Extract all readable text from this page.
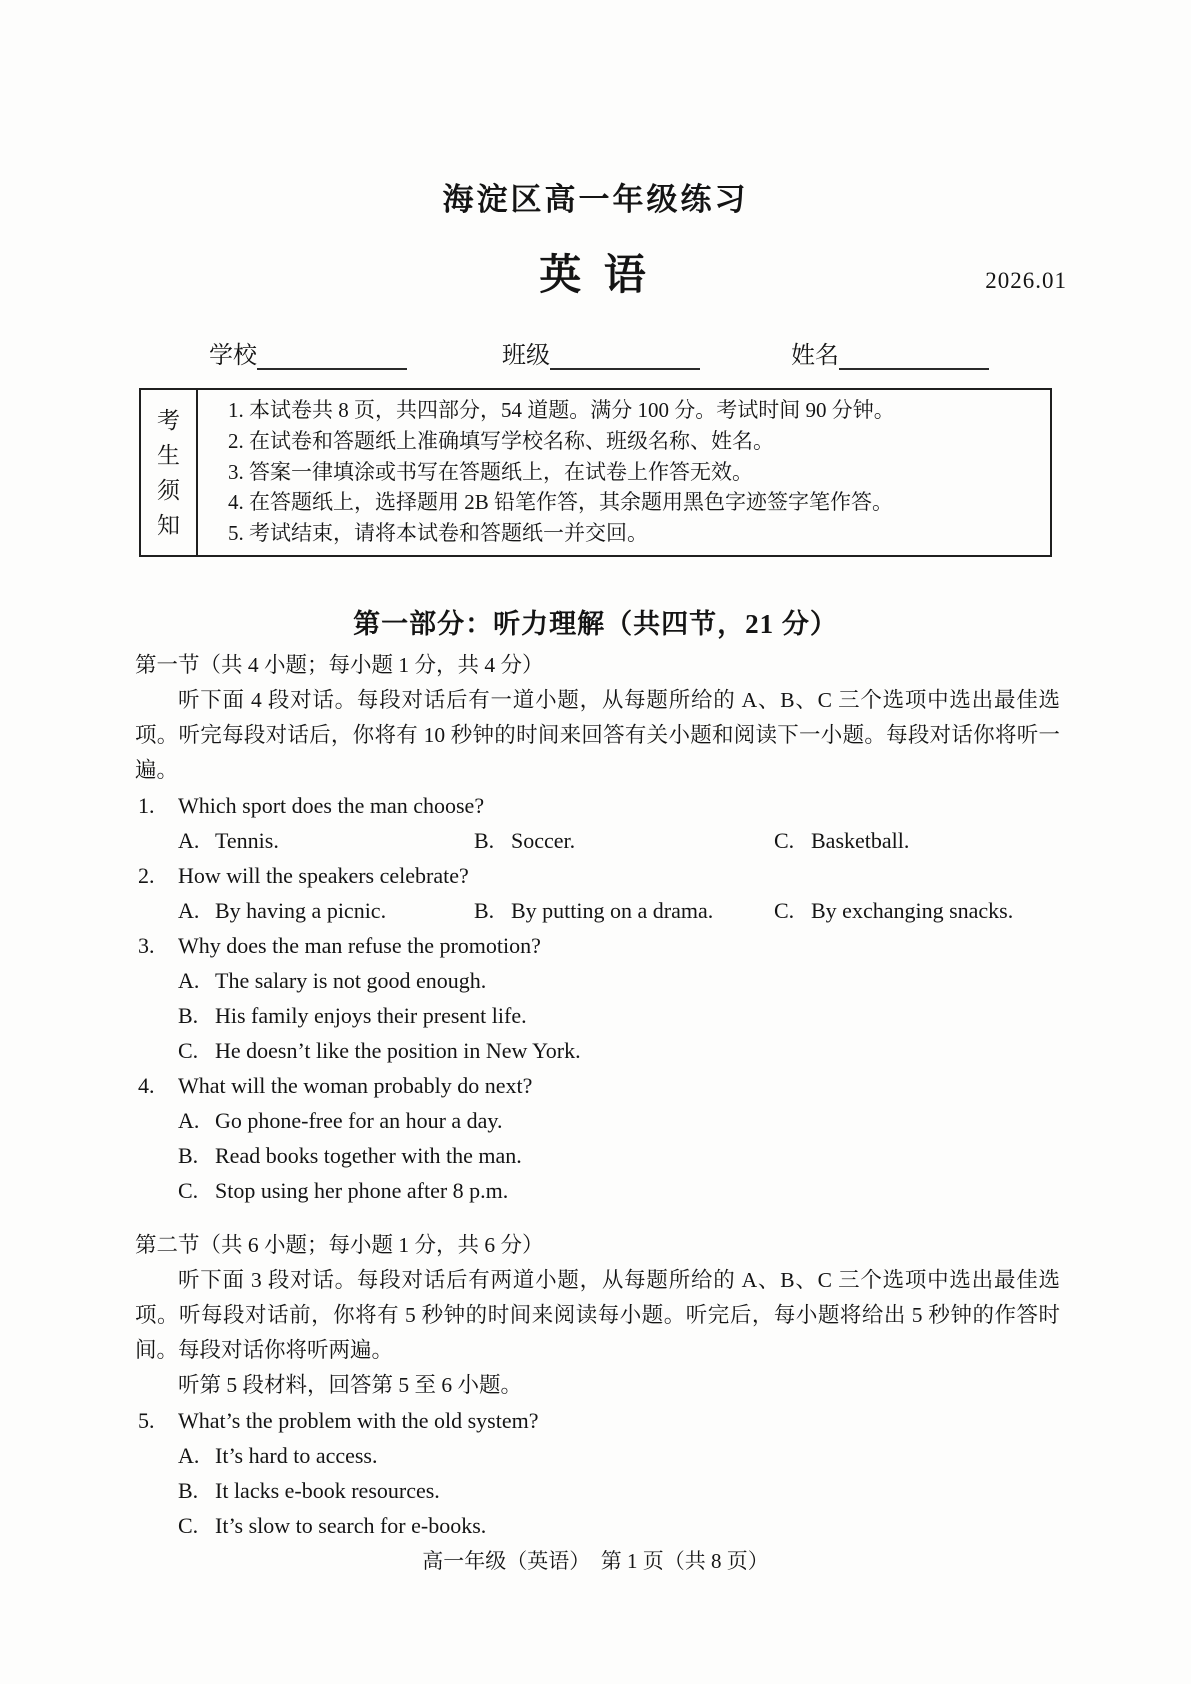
海淀区高一年级练习
英 语	2026.01
学校	班级	姓名
考生须知
1. 本试卷共 8 页，共四部分，54 道题。满分 100 分。考试时间 90 分钟。
2. 在试卷和答题纸上准确填写学校名称、班级名称、姓名。
3. 答案一律填涂或书写在答题纸上，在试卷上作答无效。
4. 在答题纸上，选择题用 2B 铅笔作答，其余题用黑色字迹签字笔作答。
5. 考试结束，请将本试卷和答题纸一并交回。
第一部分：听力理解（共四节，21 分）
第一节（共 4 小题；每小题 1 分，共 4 分）

听下面 4 段对话。每段对话后有一道小题，从每题所给的 A、B、C 三个选项中选出最佳选项。听完每段对话后，你将有 10 秒钟的时间来回答有关小题和阅读下一小题。每段对话你将听一遍。

1. Which sport does the man choose?
A. Tennis.	B. Soccer.	C. Basketball.
2. How will the speakers celebrate?
A. By having a picnic.	B. By putting on a drama.	C. By exchanging snacks.
3. Why does the man refuse the promotion?
A. The salary is not good enough.
B. His family enjoys their present life.
C. He doesn’t like the position in New York.
4. What will the woman probably do next?
A. Go phone-free for an hour a day.
B. Read books together with the man.
C. Stop using her phone after 8 p.m.
第二节（共 6 小题；每小题 1 分，共 6 分）

听下面 3 段对话。每段对话后有两道小题，从每题所给的 A、B、C 三个选项中选出最佳选项。听每段对话前，你将有 5 秒钟的时间来阅读每小题。听完后，每小题将给出 5 秒钟的作答时间。每段对话你将听两遍。

听第 5 段材料，回答第 5 至 6 小题。
5. What’s the problem with the old system?
A. It’s hard to access.
B. It lacks e-book resources.
C. It’s slow to search for e-books.
高一年级（英语）  第 1 页（共 8 页）
